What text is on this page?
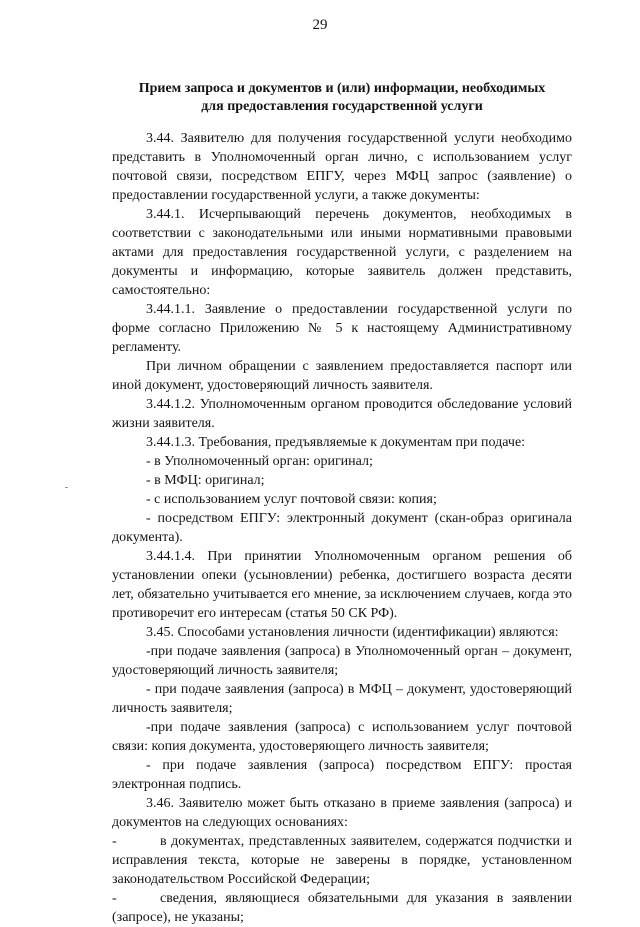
29
Прием запроса и документов и (или) информации, необходимых
для предоставления государственной услуги

3.44. Заявителю для получения государственной услуги необходимо представить в Уполномоченный орган лично, с использованием услуг почтовой связи, посредством ЕПГУ, через МФЦ запрос (заявление) о предоставлении государственной услуги, а также документы:

3.44.1. Исчерпывающий перечень документов, необходимых в соответствии с законодательными или иными нормативными правовыми актами для предоставления государственной услуги, с разделением на документы и информацию, которые заявитель должен представить, самостоятельно:

3.44.1.1. Заявление о предоставлении государственной услуги по форме согласно Приложению № 5 к настоящему Административному регламенту.

При личном обращении с заявлением предоставляется паспорт или иной документ, удостоверяющий личность заявителя.

3.44.1.2. Уполномоченным органом проводится обследование условий жизни заявителя.

3.44.1.3. Требования, предъявляемые к документам при подаче:

- в Уполномоченный орган: оригинал;

- в МФЦ: оригинал;

- с использованием услуг почтовой связи: копия;

- посредством ЕПГУ: электронный документ (скан-образ оригинала документа).

3.44.1.4. При принятии Уполномоченным органом решения об установлении опеки (усыновлении) ребенка, достигшего возраста десяти лет, обязательно учитывается его мнение, за исключением случаев, когда это противоречит его интересам (статья 50 СК РФ).

3.45. Способами установления личности (идентификации) являются:

-при подаче заявления (запроса) в Уполномоченный орган – документ, удостоверяющий личность заявителя;

- при подаче заявления (запроса) в МФЦ – документ, удостоверяющий личность заявителя;

-при подаче заявления (запроса) с использованием услуг почтовой связи: копия документа, удостоверяющего личность заявителя;

- при подаче заявления (запроса) посредством ЕПГУ: простая электронная подпись.

3.46. Заявителю может быть отказано в приеме заявления (запроса) и документов на следующих основаниях:

-	в документах, представленных заявителем, содержатся подчистки и исправления текста, которые не заверены в порядке, установленном законодательством Российской Федерации;

-	сведения, являющиеся обязательными для указания в заявлении (запросе), не указаны;
